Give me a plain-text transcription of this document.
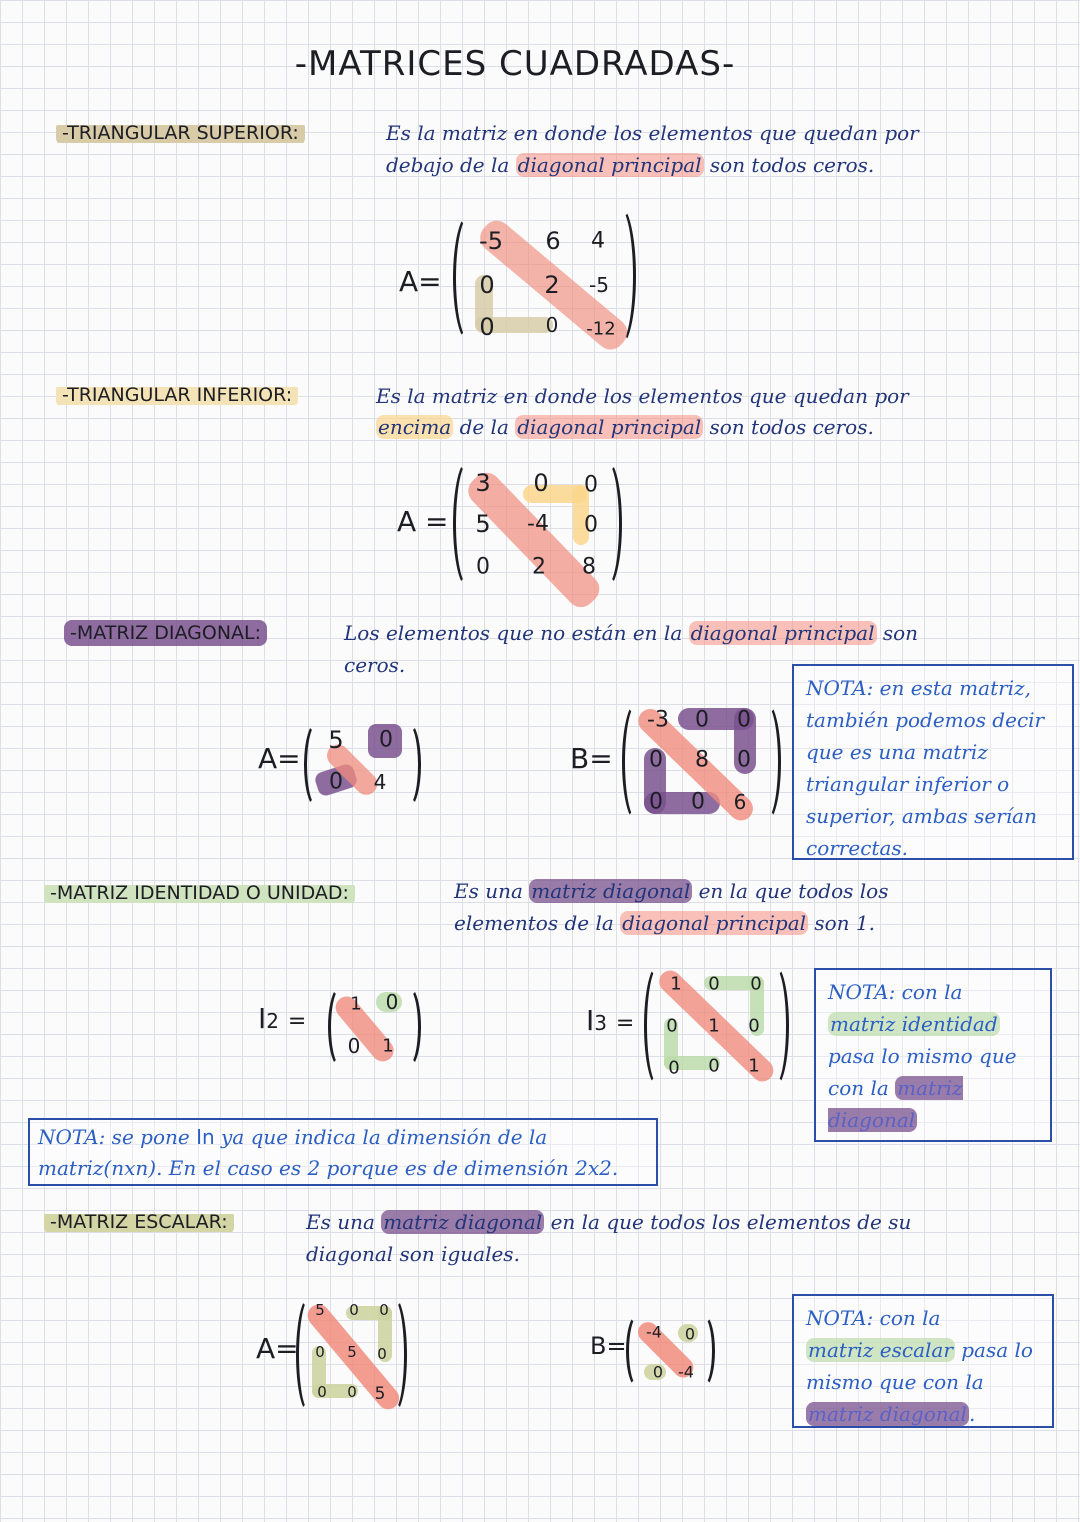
-MATRICES CUADRADAS-
-TRIANGULAR SUPERIOR:	Es la matriz en donde los elementos que quedan por
debajo de la diagonal principal son todos ceros.
A=
-5 6 4
0 2 -5
0	0 -12
-TRIANGULAR INFERIOR:	Es la matriz en donde los elementos que quedan por
encima de la diagonal principal son todos ceros.
A =
3 0 0
5 -4 0
0 2 8
-MATRIZ DIAGONAL:	Los elementos que no están en la diagonal principal son
ceros.
A=
5 0
0 4
B=
-3 0 0
0 8 0
0 0 6
NOTA: en esta matriz, también podemos decir que es una matriz triangular inferior o superior, ambas serían correctas.
-MATRIZ IDENTIDAD O UNIDAD:	Es una matriz diagonal en la que todos los
elementos de la diagonal principal son 1.
I2 =
1 0
0 1
I3 =
1 0 0
0 1 0
0 0 1
NOTA: con la
matriz identidad
pasa lo mismo que con la matriz diagonal
NOTA: se pone In ya que indica la dimensión de la
matriz(nxn). En el caso es 2 porque es de dimensión 2x2.
-MATRIZ ESCALAR:	Es una matriz diagonal en la que todos los elementos de su
diagonal son iguales.
A=
5 0 0
0 5 0
0 0 5
B= -4 0
0 -4
NOTA: con la
matriz escalar pasa lo mismo que con la
matriz diagonal .
